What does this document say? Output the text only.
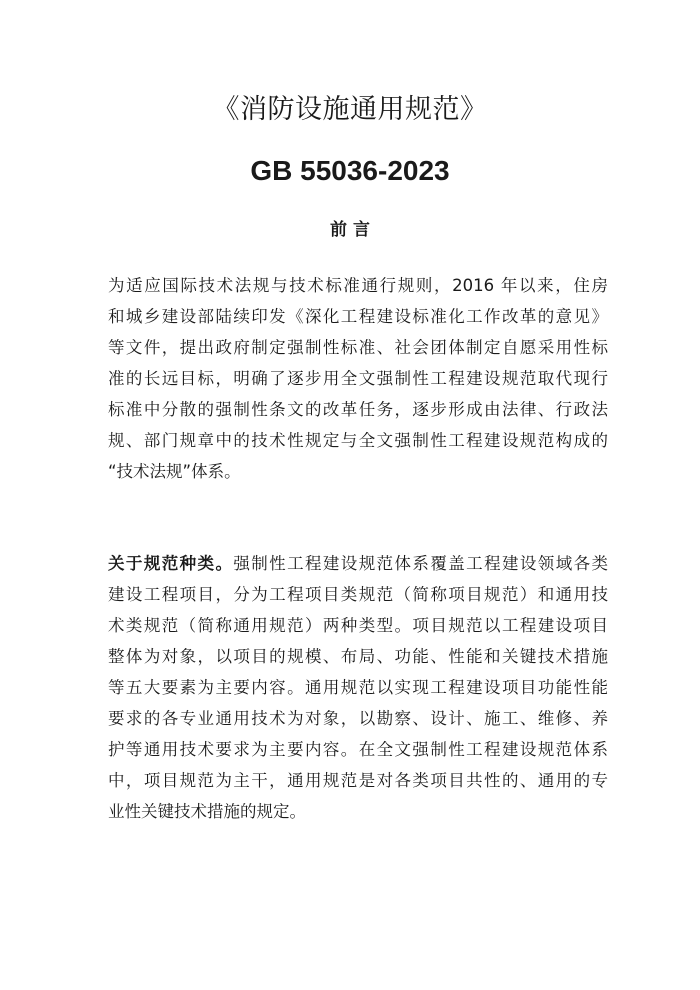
《消防设施通用规范》
GB 55036-2023
前 言
为适应国际技术法规与技术标准通行规则，2016 年以来，住房
和城乡建设部陆续印发《深化工程建设标准化工作改革的意见》
等文件，提出政府制定强制性标准、社会团体制定自愿采用性标
准的长远目标，明确了逐步用全文强制性工程建设规范取代现行
标准中分散的强制性条文的改革任务，逐步形成由法律、行政法
规、部门规章中的技术性规定与全文强制性工程建设规范构成的
“技术法规”体系。
关于规范种类。强制性工程建设规范体系覆盖工程建设领域各类
建设工程项目，分为工程项目类规范（简称项目规范）和通用技
术类规范（简称通用规范）两种类型。项目规范以工程建设项目
整体为对象，以项目的规模、布局、功能、性能和关键技术措施
等五大要素为主要内容。通用规范以实现工程建设项目功能性能
要求的各专业通用技术为对象，以勘察、设计、施工、维修、养
护等通用技术要求为主要内容。在全文强制性工程建设规范体系
中，项目规范为主干，通用规范是对各类项目共性的、通用的专
业性关键技术措施的规定。
